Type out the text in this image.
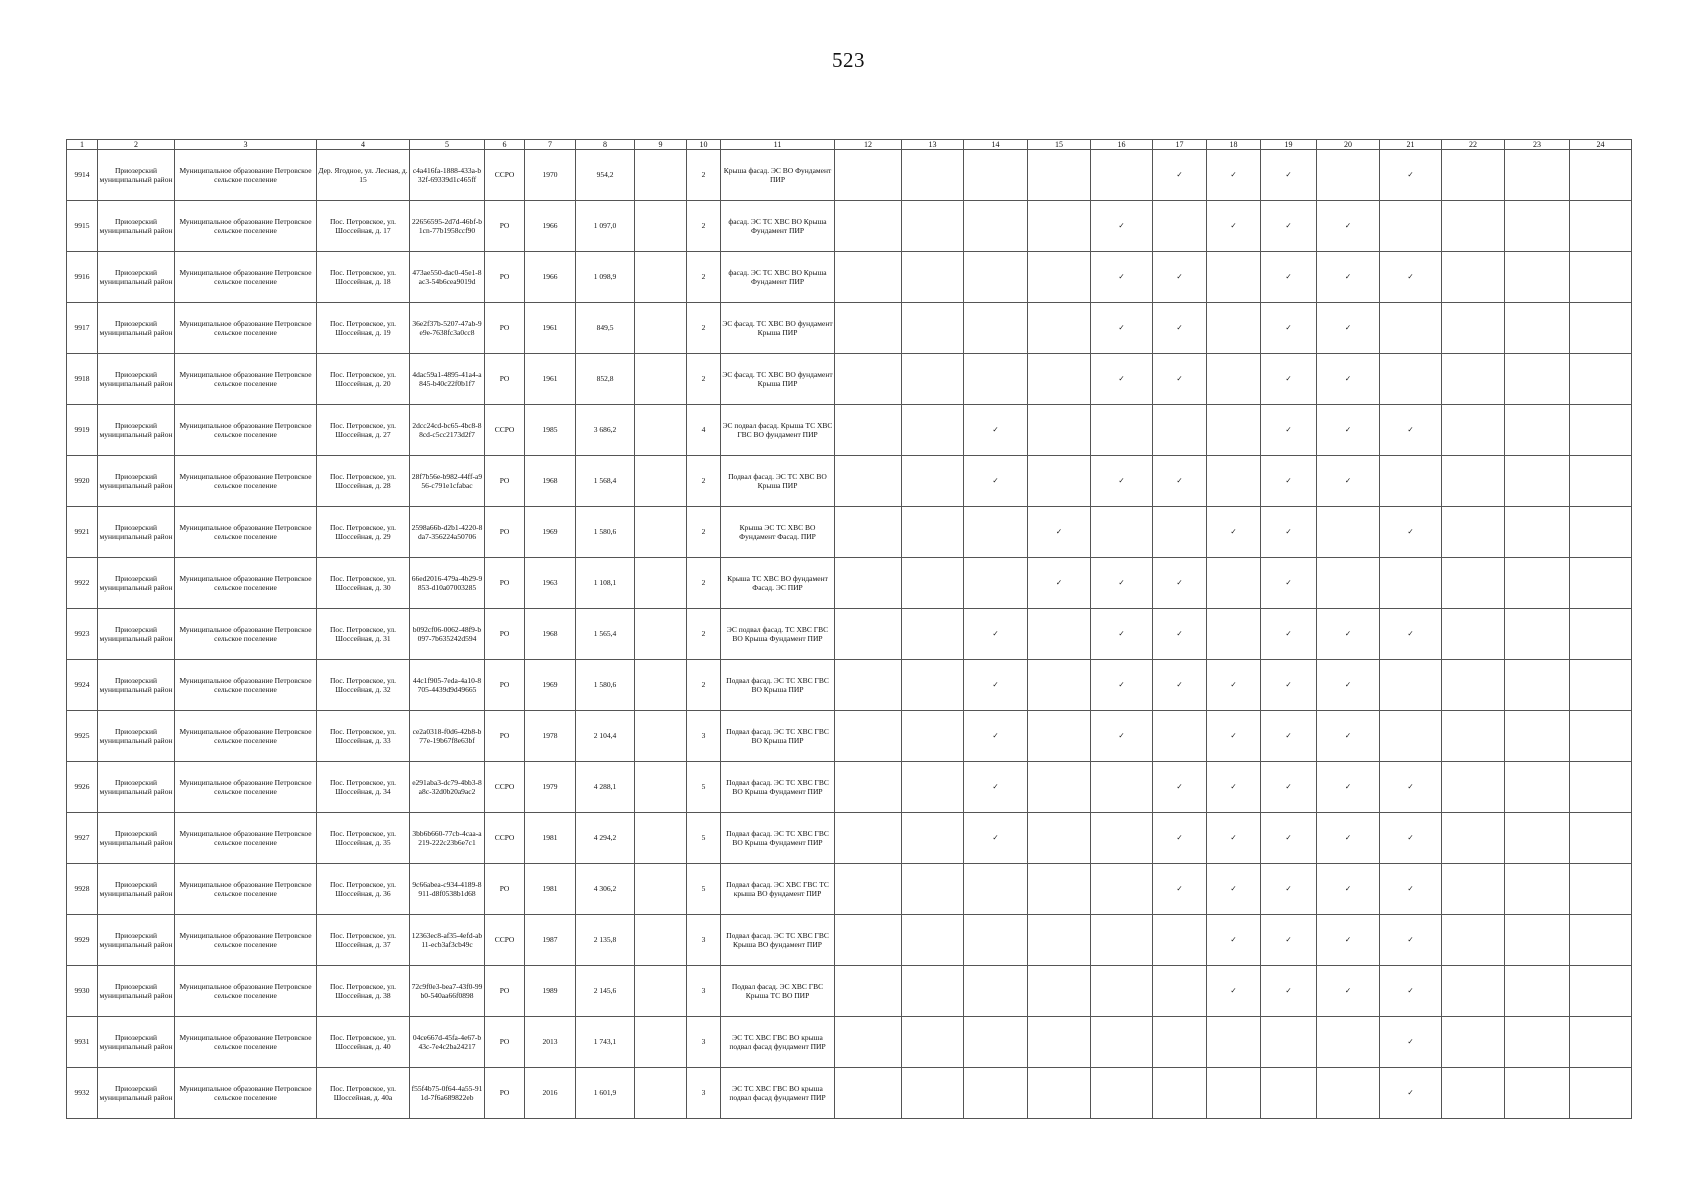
523
1	2	3	4	5	6	7	8	9	10	11	12	13	14	15	16	17	18	19	20	21	22	23	24
9914	Приозерский муниципальный район	Муниципальное образование Петровское сельское поселение	Дер. Ягодное, ул. Лесная, д. 15	c4a416fa-1888-433a-b32f-69339d1c465ff	СCPO	1970	954,2		2	Крыша фасад. ЭС ВО Фундамент ПИР						✓	✓	✓		✓			
9915	Приозерский муниципальный район	Муниципальное образование Петровское сельское поселение	Пос. Петровское, ул. Шоссейная, д. 17	22656595-2d7d-46bf-b1cn-77b1958ccf90	PO	1966	1 097,0		2	фасад. ЭС ТС ХВС ВО Крыша Фундамент ПИР					✓		✓	✓	✓				
9916	Приозерский муниципальный район	Муниципальное образование Петровское сельское поселение	Пос. Петровское, ул. Шоссейная, д. 18	473ae550-dac0-45e1-8ac3-54b6cea9019d	PO	1966	1 098,9		2	фасад. ЭС ТС ХВС ВО Крыша Фундамент ПИР					✓	✓		✓	✓	✓			
9917	Приозерский муниципальный район	Муниципальное образование Петровское сельское поселение	Пос. Петровское, ул. Шоссейная, д. 19	36e2f37b-5207-47ab-9e9e-7638fc3a0cc8	PO	1961	849,5		2	ЭС фасад. ТС ХВС ВО фундамент Крыша ПИР					✓	✓		✓	✓				
9918	Приозерский муниципальный район	Муниципальное образование Петровское сельское поселение	Пос. Петровское, ул. Шоссейная, д. 20	4dac59a1-4895-41a4-a845-b40c22f0b1f7	PO	1961	852,8		2	ЭС фасад. ТС ХВС ВО фундамент Крыша ПИР					✓	✓		✓	✓				
9919	Приозерский муниципальный район	Муниципальное образование Петровское сельское поселение	Пос. Петровское, ул. Шоссейная, д. 27	2dcc24cd-bc65-4bc8-88cd-c5cc2173d2f7	СCPO	1985	3 686,2		4	ЭС подвал фасад. Крыша ТС ХВС ГВС ВО фундамент ПИР			✓					✓	✓	✓			
9920	Приозерский муниципальный район	Муниципальное образование Петровское сельское поселение	Пос. Петровское, ул. Шоссейная, д. 28	28f7b56e-b982-44ff-a956-c791e1cfabac	PO	1968	1 568,4		2	Подвал фасад. ЭС ТС ХВС ВО Крыша ПИР			✓		✓	✓		✓	✓				
9921	Приозерский муниципальный район	Муниципальное образование Петровское сельское поселение	Пос. Петровское, ул. Шоссейная, д. 29	2598a66b-d2b1-4220-8da7-356224a50706	PO	1969	1 580,6		2	Крыша ЭС ТС ХВС ВО Фундамент Фасад. ПИР				✓			✓	✓		✓			
9922	Приозерский муниципальный район	Муниципальное образование Петровское сельское поселение	Пос. Петровское, ул. Шоссейная, д. 30	66ed2016-479a-4b29-9853-d10a07003285	PO	1963	1 108,1		2	Крыша ТС ХВС ВО фундамент Фасад. ЭС ПИР				✓	✓	✓		✓					
9923	Приозерский муниципальный район	Муниципальное образование Петровское сельское поселение	Пос. Петровское, ул. Шоссейная, д. 31	b092cf06-0062-48f9-b097-7b635242d594	PO	1968	1 565,4		2	ЭС подвал фасад. ТС ХВС ГВС ВО Крыша Фундамент ПИР			✓		✓	✓		✓	✓	✓			
9924	Приозерский муниципальный район	Муниципальное образование Петровское сельское поселение	Пос. Петровское, ул. Шоссейная, д. 32	44c1f905-7eda-4a10-8705-4439d9d49665	PO	1969	1 580,6		2	Подвал фасад. ЭС ТС ХВС ГВС ВО Крыша ПИР			✓		✓	✓	✓	✓	✓				
9925	Приозерский муниципальный район	Муниципальное образование Петровское сельское поселение	Пос. Петровское, ул. Шоссейная, д. 33	ce2a0318-f0d6-42b8-b77e-19b67f8e63bf	PO	1978	2 104,4		3	Подвал фасад. ЭС ТС ХВС ГВС ВО Крыша ПИР			✓		✓		✓	✓	✓				
9926	Приозерский муниципальный район	Муниципальное образование Петровское сельское поселение	Пос. Петровское, ул. Шоссейная, д. 34	e291aba3-dc79-4bb3-8a8c-32d0b20a9ac2	СCPO	1979	4 288,1		5	Подвал фасад. ЭС ТС ХВС ГВС ВО Крыша Фундамент ПИР			✓			✓	✓	✓	✓	✓			
9927	Приозерский муниципальный район	Муниципальное образование Петровское сельское поселение	Пос. Петровское, ул. Шоссейная, д. 35	3bb6b660-77cb-4caa-a219-222c23b6e7c1	СCPO	1981	4 294,2		5	Подвал фасад. ЭС ТС ХВС ГВС ВО Крыша Фундамент ПИР			✓			✓	✓	✓	✓	✓			
9928	Приозерский муниципальный район	Муниципальное образование Петровское сельское поселение	Пос. Петровское, ул. Шоссейная, д. 36	9c66abea-c934-4189-8911-d8f0538b1d68	PO	1981	4 306,2		5	Подвал фасад. ЭС ХВС ГВС ТС крыша ВО фундамент ПИР						✓	✓	✓	✓	✓			
9929	Приозерский муниципальный район	Муниципальное образование Петровское сельское поселение	Пос. Петровское, ул. Шоссейная, д. 37	12363ec8-af35-4efd-ab11-ecb3af3cb49c	СCPO	1987	2 135,8		3	Подвал фасад. ЭС ТС ХВС ГВС Крыша ВО фундамент ПИР							✓	✓	✓	✓			
9930	Приозерский муниципальный район	Муниципальное образование Петровское сельское поселение	Пос. Петровское, ул. Шоссейная, д. 38	72c9f0e3-bea7-43f0-99b0-540aa66f0898	PO	1989	2 145,6		3	Подвал фасад. ЭС ХВС ГВС Крыша ТС ВО ПИР							✓	✓	✓	✓			
9931	Приозерский муниципальный район	Муниципальное образование Петровское сельское поселение	Пос. Петровское, ул. Шоссейная, д. 40	04ce667d-45fa-4e67-b43c-7e4c2ba24217	PO	2013	1 743,1		3	ЭС ТС ХВС ГВС ВО крыша подвал фасад фундамент ПИР										✓			
9932	Приозерский муниципальный район	Муниципальное образование Петровское сельское поселение	Пос. Петровское, ул. Шоссейная, д. 40а	f55f4b75-0f64-4a55-911d-7f6a689822eb	PO	2016	1 601,9		3	ЭС ТС ХВС ГВС ВО крыша подвал фасад фундамент ПИР										✓			
